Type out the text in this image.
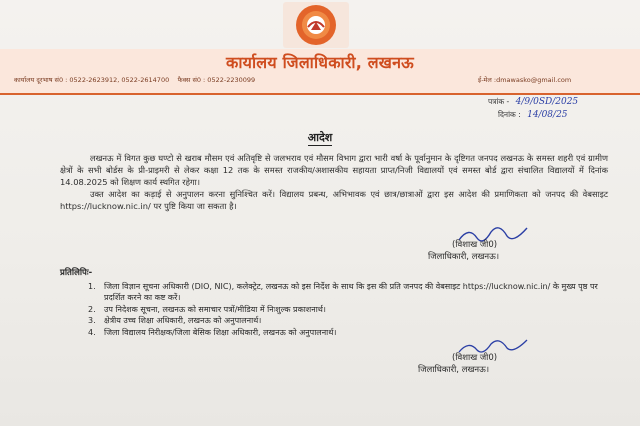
कार्यालय जिलाधिकारी, लखनऊ
कार्यालय दूरभाष सं0 : 0522-2623912, 0522-2614700 फैक्स सं0 : 0522-2230099	ई-मेल :dmawasko@gmail.com
पत्रांक - 4/9/0SD/2025
दिनांक : 14/08/25
आदेश

लखनऊ में विगत कुछ घण्टो से खराब मौसम एवं अतिवृष्टि से जलभराव एवं मौसम विभाग द्वारा भारी वर्षा के पूर्वानुमान के दृष्टिगत जनपद लखनऊ के समस्त शहरी एवं ग्रामीण क्षेत्रों के सभी बोर्डस के प्री-प्राइमरी से लेकर कक्षा 12 तक के समस्त राजकीय/अशासकीय सहायता प्राप्त/निजी विद्यालयों एवं समस्त बोर्ड द्वारा संचालित विद्यालयों में दिनांक 14.08.2025 को शिक्षण कार्य स्थगित रहेगा।

उक्त आदेश का कड़ाई से अनुपालन करना सुनिश्चित करें। विद्यालय प्रबन्ध, अभिभावक एवं छात्र/छात्राओं द्वारा इस आदेश की प्रमाणिकता को जनपद की वेबसाइट https://lucknow.nic.in/ पर पुष्टि किया जा सकता है।

(विशाख जी0)
जिलाधिकारी, लखनऊ।
प्रतिलिपिः-
1. जिला विज्ञान सूचना अधिकारी (DIO, NIC), कलेक्ट्रेट, लखनऊ को इस निर्देश के साथ कि इस की प्रति जनपद की वेबसाइट https://lucknow.nic.in/ के मुख्य पृष्ठ पर प्रदर्शित करने का कष्ट करें।
2. उप निदेशक सूचना, लखनऊ को समाचार पत्रों/मीडिया में निःशुल्क प्रकाशनार्थ।
3. क्षेत्रीय उच्च शिक्षा अधिकारी, लखनऊ को अनुपालनार्थ।
4. जिला विद्यालय निरीक्षक/जिला बेसिक शिक्षा अधिकारी, लखनऊ को अनुपालनार्थ।
(विशाख जी0)
जिलाधिकारी, लखनऊ।
